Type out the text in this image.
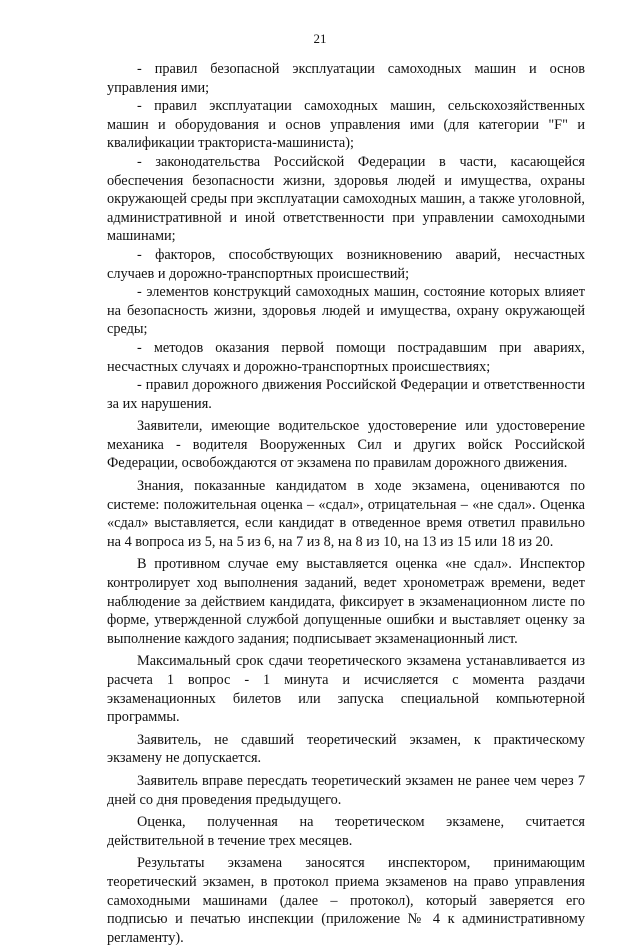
21

- правил безопасной эксплуатации самоходных машин и основ управления ими;

- правил эксплуатации самоходных машин, сельскохозяйственных машин и оборудования и основ управления ими (для категории "F" и квалификации тракториста-машиниста);

- законодательства Российской Федерации в части, касающейся обеспечения безопасности жизни, здоровья людей и имущества, охраны окружающей среды при эксплуатации самоходных машин, а также уголовной, административной и иной ответственности при управлении самоходными машинами;

- факторов, способствующих возникновению аварий, несчастных случаев и дорожно-транспортных происшествий;

- элементов конструкций самоходных машин, состояние которых влияет на безопасность жизни, здоровья людей и имущества, охрану окружающей среды;

- методов оказания первой помощи пострадавшим при авариях, несчастных случаях и дорожно-транспортных происшествиях;

- правил дорожного движения Российской Федерации и ответственности за их нарушения.

Заявители, имеющие водительское удостоверение или удостоверение механика - водителя Вооруженных Сил и других войск Российской Федерации, освобождаются от экзамена по правилам дорожного движения.

Знания, показанные кандидатом в ходе экзамена, оцениваются по системе: положительная оценка – «сдал», отрицательная – «не сдал». Оценка «сдал» выставляется, если кандидат в отведенное время ответил правильно на 4 вопроса из 5, на 5 из 6, на 7 из 8, на 8 из 10, на 13 из 15 или 18 из 20.

В противном случае ему выставляется оценка «не сдал». Инспектор контролирует ход выполнения заданий, ведет хронометраж времени, ведет наблюдение за действием кандидата, фиксирует в экзаменационном листе по форме, утвержденной службой допущенные ошибки и выставляет оценку за выполнение каждого задания; подписывает экзаменационный лист.

Максимальный срок сдачи теоретического экзамена устанавливается из расчета 1 вопрос - 1 минута и исчисляется с момента раздачи экзаменационных билетов или запуска специальной компьютерной программы.

Заявитель, не сдавший теоретический экзамен, к практическому экзамену не допускается.

Заявитель вправе пересдать теоретический экзамен не ранее чем через 7 дней со дня проведения предыдущего.

Оценка, полученная на теоретическом экзамене, считается действительной в течение трех месяцев.

Результаты экзамена заносятся инспектором, принимающим теоретический экзамен, в протокол приема экзаменов на право управления самоходными машинами (далее – протокол), который заверяется его подписью и печатью инспекции (приложение № 4 к административному регламенту).
